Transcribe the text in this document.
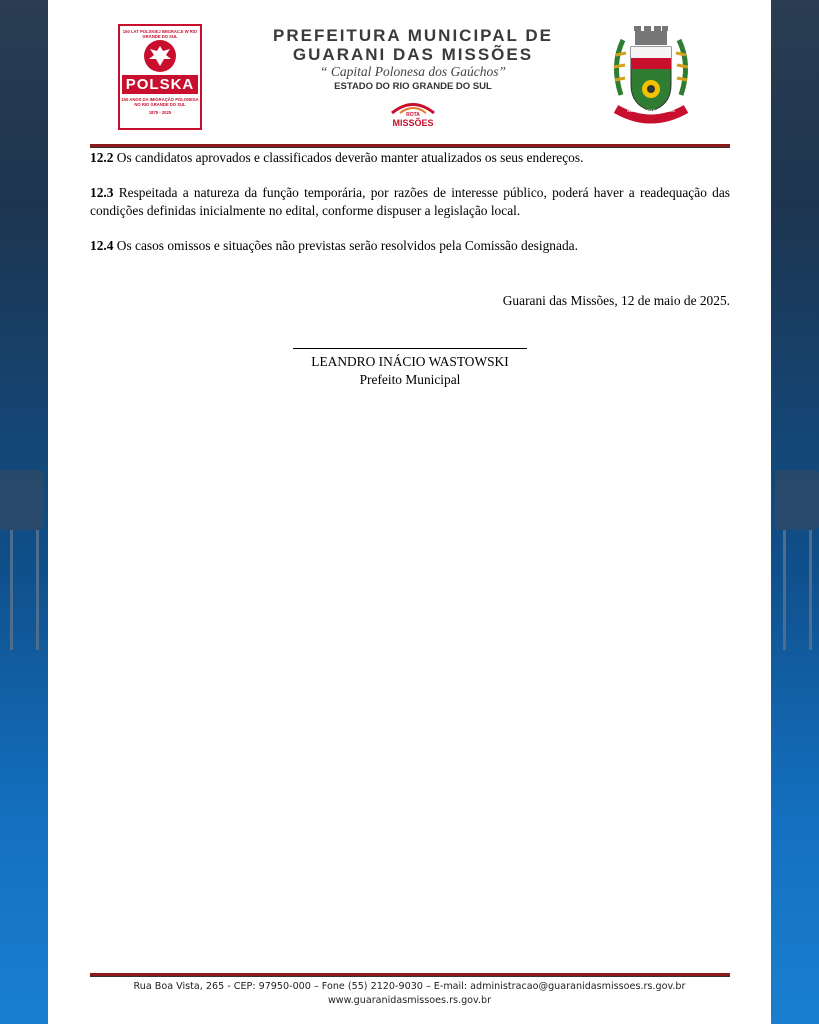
150 LAT POLSKIEJ IMIGRACJI W RIO GRANDE DO SUL
POLSKA
150 ANOS DA IMIGRAÇÃO POLONESA NO RIO GRANDE DO SUL
1875 - 2025
PREFEITURA MUNICIPAL DE
GUARANI DAS MISSÕES
“ Capital Polonesa dos Gaúchos”
ESTADO DO RIO GRANDE DO SUL
ROTA
MISSÕES
GUARANI DAS MISSÕES

12.2 Os candidatos aprovados e classificados deverão manter atualizados os seus endereços.

12.3 Respeitada a natureza da função temporária, por razões de interesse público, poderá haver a readequação das condições definidas inicialmente no edital, conforme dispuser a legislação local.

12.4 Os casos omissos e situações não previstas serão resolvidos pela Comissão designada.

Guarani das Missões, 12 de maio de 2025.
LEANDRO INÁCIO WASTOWSKI
Prefeito Municipal
Rua Boa Vista, 265 - CEP: 97950-000 – Fone (55) 2120-9030 – E-mail: administracao@guaranidasmissoes.rs.gov.br
www.guaranidasmissoes.rs.gov.br
